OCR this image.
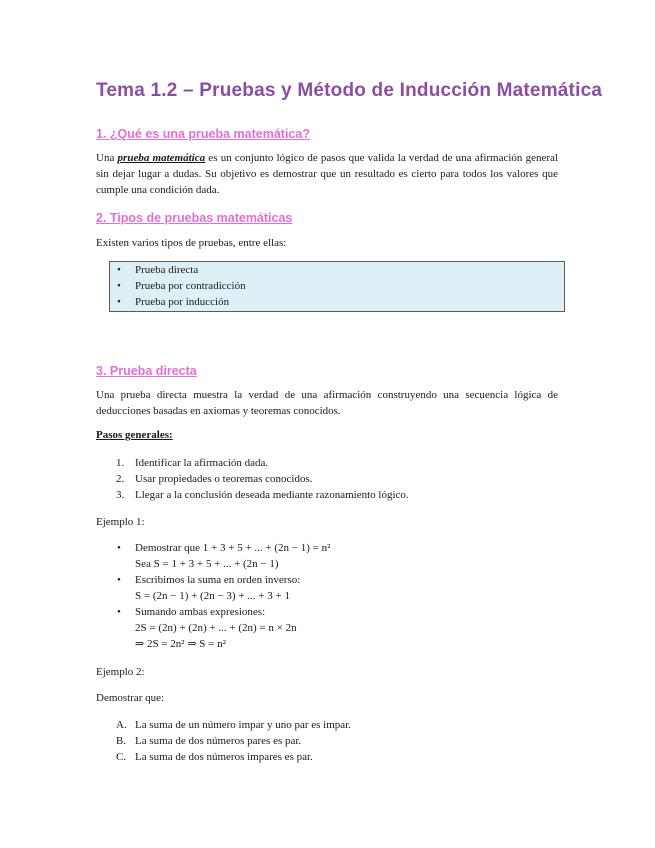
Tema 1.2 – Pruebas y Método de Inducción Matemática
1. ¿Qué es una prueba matemática?

Una prueba matemática es un conjunto lógico de pasos que valida la verdad de una afirmación general sin dejar lugar a dudas. Su objetivo es demostrar que un resultado es cierto para todos los valores que cumple una condición dada.

2. Tipos de pruebas matemáticas
Existen varios tipos de pruebas, entre ellas:
• Prueba directa
• Prueba por contradicción
• Prueba por inducción
3. Prueba directa

Una prueba directa muestra la verdad de una afirmación construyendo una secuencia lógica de deducciones basadas en axiomas y teoremas conocidos.

Pasos generales:
1. Identificar la afirmación dada.
2. Usar propiedades o teoremas conocidos.
3. Llegar a la conclusión deseada mediante razonamiento lógico.
Ejemplo 1:
• Demostrar que 1 + 3 + 5 + ... + (2n − 1) = n²
Sea S = 1 + 3 + 5 + ... + (2n − 1)
• Escribimos la suma en orden inverso:
S = (2n − 1) + (2n − 3) + ... + 3 + 1
• Sumando ambas expresiones:
2S = (2n) + (2n) + ... + (2n) = n × 2n
⇒ 2S = 2n² ⇒ S = n²
Ejemplo 2:
Demostrar que:
A. La suma de un número impar y uno par es impar.
B. La suma de dos números pares es par.
C. La suma de dos números impares es par.
